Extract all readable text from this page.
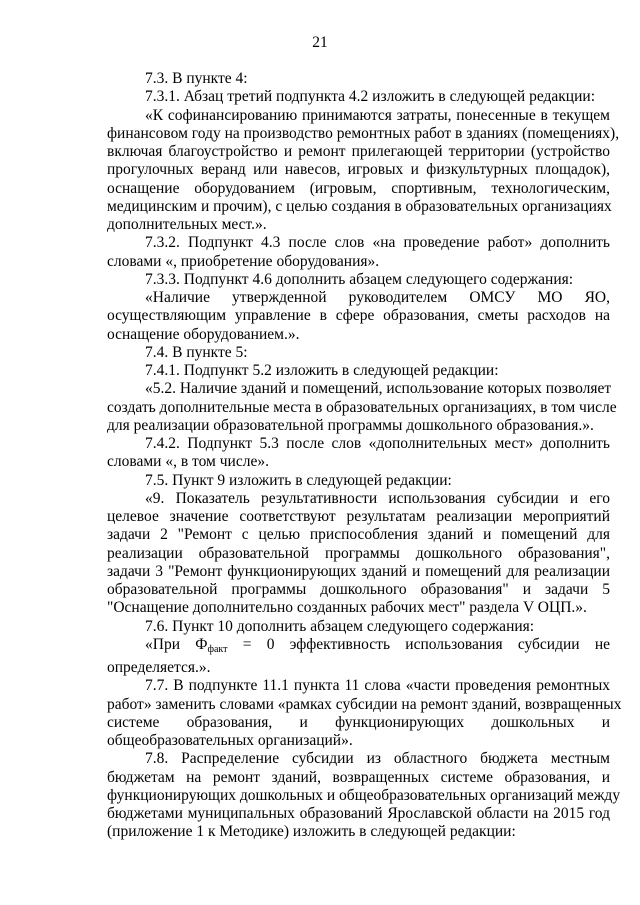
21
7.3. В пункте 4:
7.3.1. Абзац третий подпункта 4.2 изложить в следующей редакции:
«К софинансированию принимаются затраты, понесенные в текущем
финансовом году на производство ремонтных работ в зданиях (помещениях),
включая благоустройство и ремонт прилегающей территории (устройство
прогулочных веранд или навесов, игровых и физкультурных площадок),
оснащение оборудованием (игровым, спортивным, технологическим,
медицинским и прочим), с целью создания в образовательных организациях
дополнительных мест.».
7.3.2. Подпункт 4.3 после слов «на проведение работ» дополнить
словами «, приобретение оборудования».
7.3.3. Подпункт 4.6 дополнить абзацем следующего содержания:
«Наличие утвержденной руководителем ОМСУ МО ЯО,
осуществляющим управление в сфере образования, сметы расходов на
оснащение оборудованием.».
7.4. В пункте 5:
7.4.1. Подпункт 5.2 изложить в следующей редакции:
«5.2. Наличие зданий и помещений, использование которых позволяет
создать дополнительные места в образовательных организациях, в том числе
для реализации образовательной программы дошкольного образования.».
7.4.2. Подпункт 5.3 после слов «дополнительных мест» дополнить
словами «, в том числе».
7.5. Пункт 9 изложить в следующей редакции:
«9. Показатель результативности использования субсидии и его
целевое значение соответствуют результатам реализации мероприятий
задачи 2 "Ремонт с целью приспособления зданий и помещений для
реализации образовательной программы дошкольного образования",
задачи 3 "Ремонт функционирующих зданий и помещений для реализации
образовательной программы дошкольного образования" и задачи 5
"Оснащение дополнительно созданных рабочих мест" раздела V ОЦП.».
7.6. Пункт 10 дополнить абзацем следующего содержания:
«При $Ф_{факт} = 0$ эффективность использования субсидии не
определяется.».
7.7. В подпункте 11.1 пункта 11 слова «части проведения ремонтных
работ» заменить словами «рамках субсидии на ремонт зданий, возвращенных
системе образования, и функционирующих дошкольных и
общеобразовательных организаций».
7.8. Распределение субсидии из областного бюджета местным
бюджетам на ремонт зданий, возвращенных системе образования, и
функционирующих дошкольных и общеобразовательных организаций между
бюджетами муниципальных образований Ярославской области на 2015 год
(приложение 1 к Методике) изложить в следующей редакции:
